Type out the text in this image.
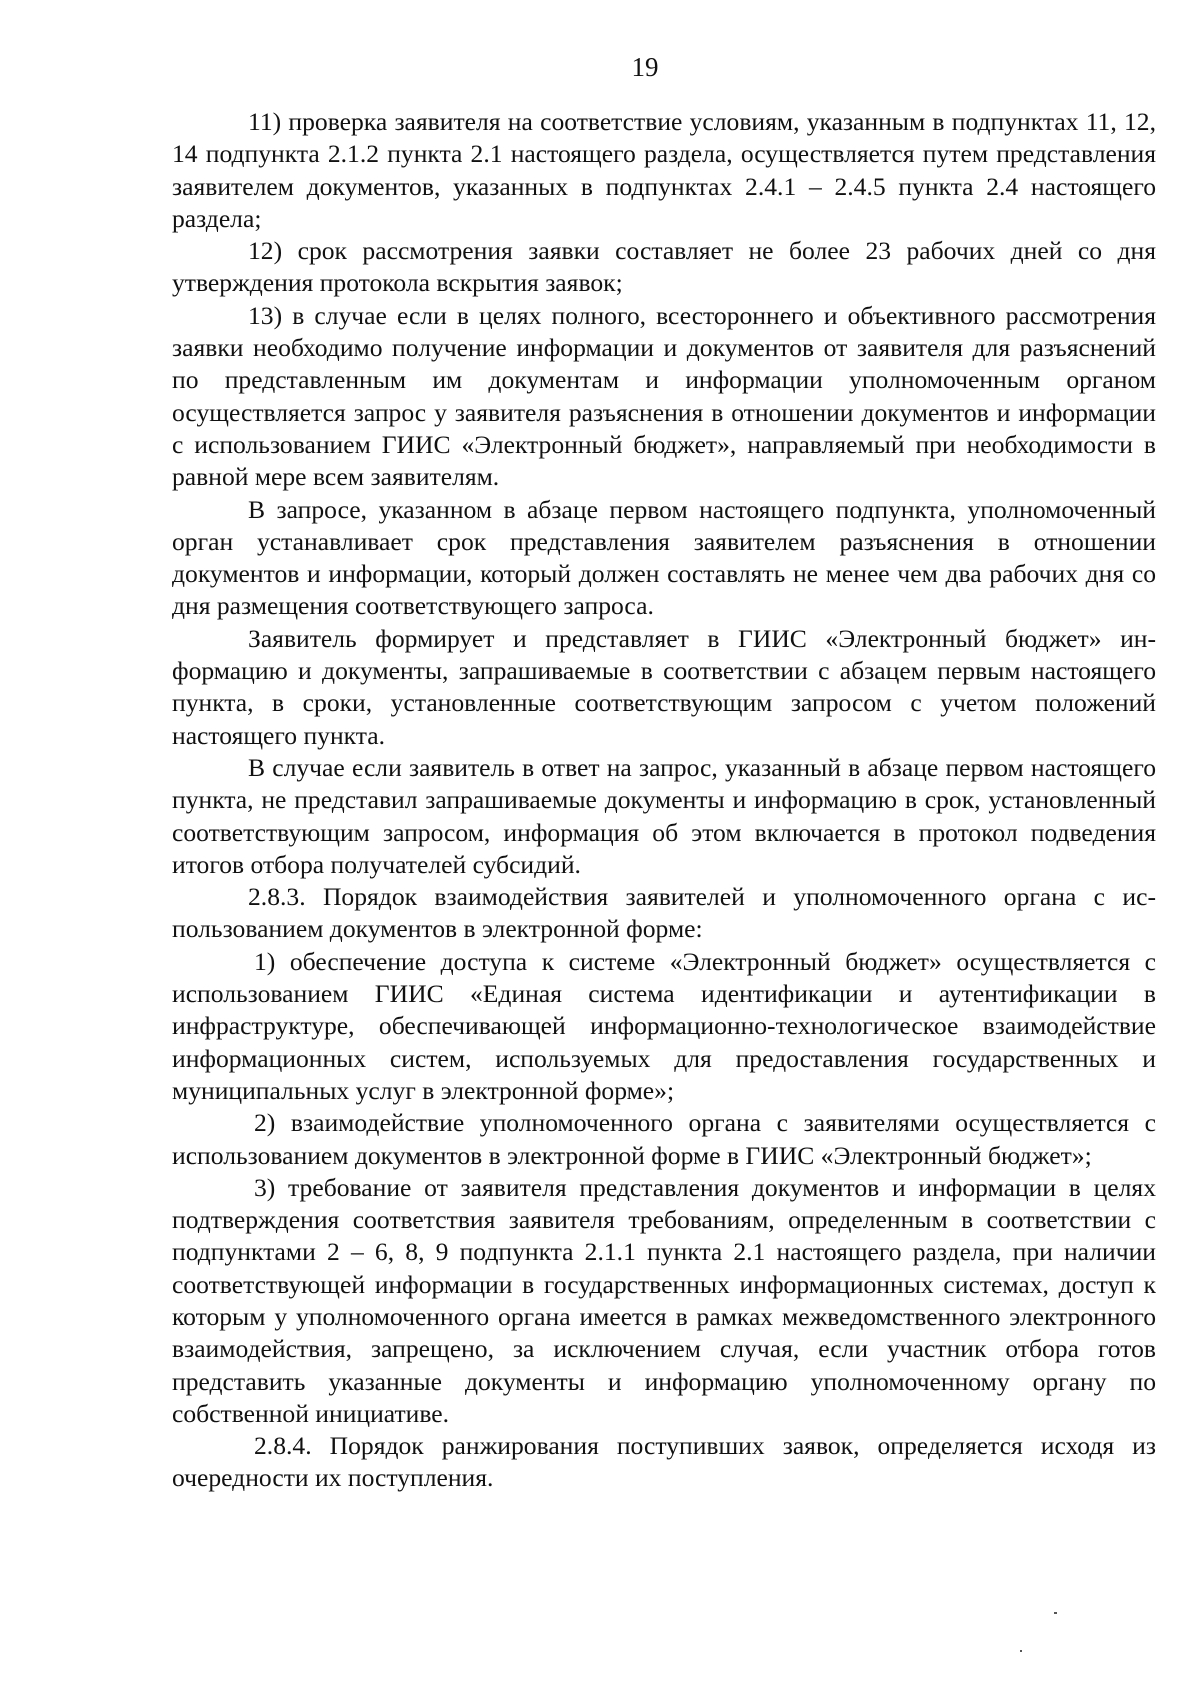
19

11) проверка заявителя на соответствие условиям, указанным в подпунктах 11, 12, 14 подпункта 2.1.2 пункта 2.1 настоящего раздела, осуществляется путем представления заявителем документов, указанных в подпунктах 2.4.1 – 2.4.5 пункта 2.4 настоящего раздела;

12) срок рассмотрения заявки составляет не более 23 рабочих дней со дня утверждения протокола вскрытия заявок;

13) в случае если в целях полного, всестороннего и объективного рассмотрения заявки необходимо получение информации и документов от заявителя для разъяснений по представленным им документам и информации уполномоченным органом осуществляется запрос у заявителя разъяснения в отношении документов и информации с использованием ГИИС «Электронный бюджет», направляемый при необходимости в равной мере всем заявителям.

В запросе, указанном в абзаце первом настоящего подпункта, уполномоченный орган устанавливает срок представления заявителем разъяснения в отношении документов и информации, который должен составлять не менее чем два рабочих дня со дня размещения соответствующего запроса.

Заявитель формирует и представляет в ГИИС «Электронный бюджет» информацию и документы, запрашиваемые в соответствии с абзацем первым настоящего пункта, в сроки, установленные соответствующим запросом с учетом положений настоящего пункта.

В случае если заявитель в ответ на запрос, указанный в абзаце первом настоящего пункта, не представил запрашиваемые документы и информацию в срок, установленный соответствующим запросом, информация об этом включается в протокол подведения итогов отбора получателей субсидий.

2.8.3. Порядок взаимодействия заявителей и уполномоченного органа с использованием документов в электронной форме:

1) обеспечение доступа к системе «Электронный бюджет» осуществляется с использованием ГИИС «Единая система идентификации и аутентификации в инфраструктуре, обеспечивающей информационно-технологическое взаимодействие информационных систем, используемых для предоставления государственных и муниципальных услуг в электронной форме»;

2) взаимодействие уполномоченного органа с заявителями осуществляется с использованием документов в электронной форме в ГИИС «Электронный бюджет»;

3) требование от заявителя представления документов и информации в целях подтверждения соответствия заявителя требованиям, определенным в соответствии с подпунктами 2 – 6, 8, 9 подпункта 2.1.1 пункта 2.1 настоящего раздела, при наличии соответствующей информации в государственных информационных системах, доступ к которым у уполномоченного органа имеется в рамках межведомственного электронного взаимодействия, запрещено, за исключением случая, если участник отбора готов представить указанные документы и информацию уполномоченному органу по собственной инициативе.

2.8.4. Порядок ранжирования поступивших заявок, определяется исходя из очередности их поступления.
